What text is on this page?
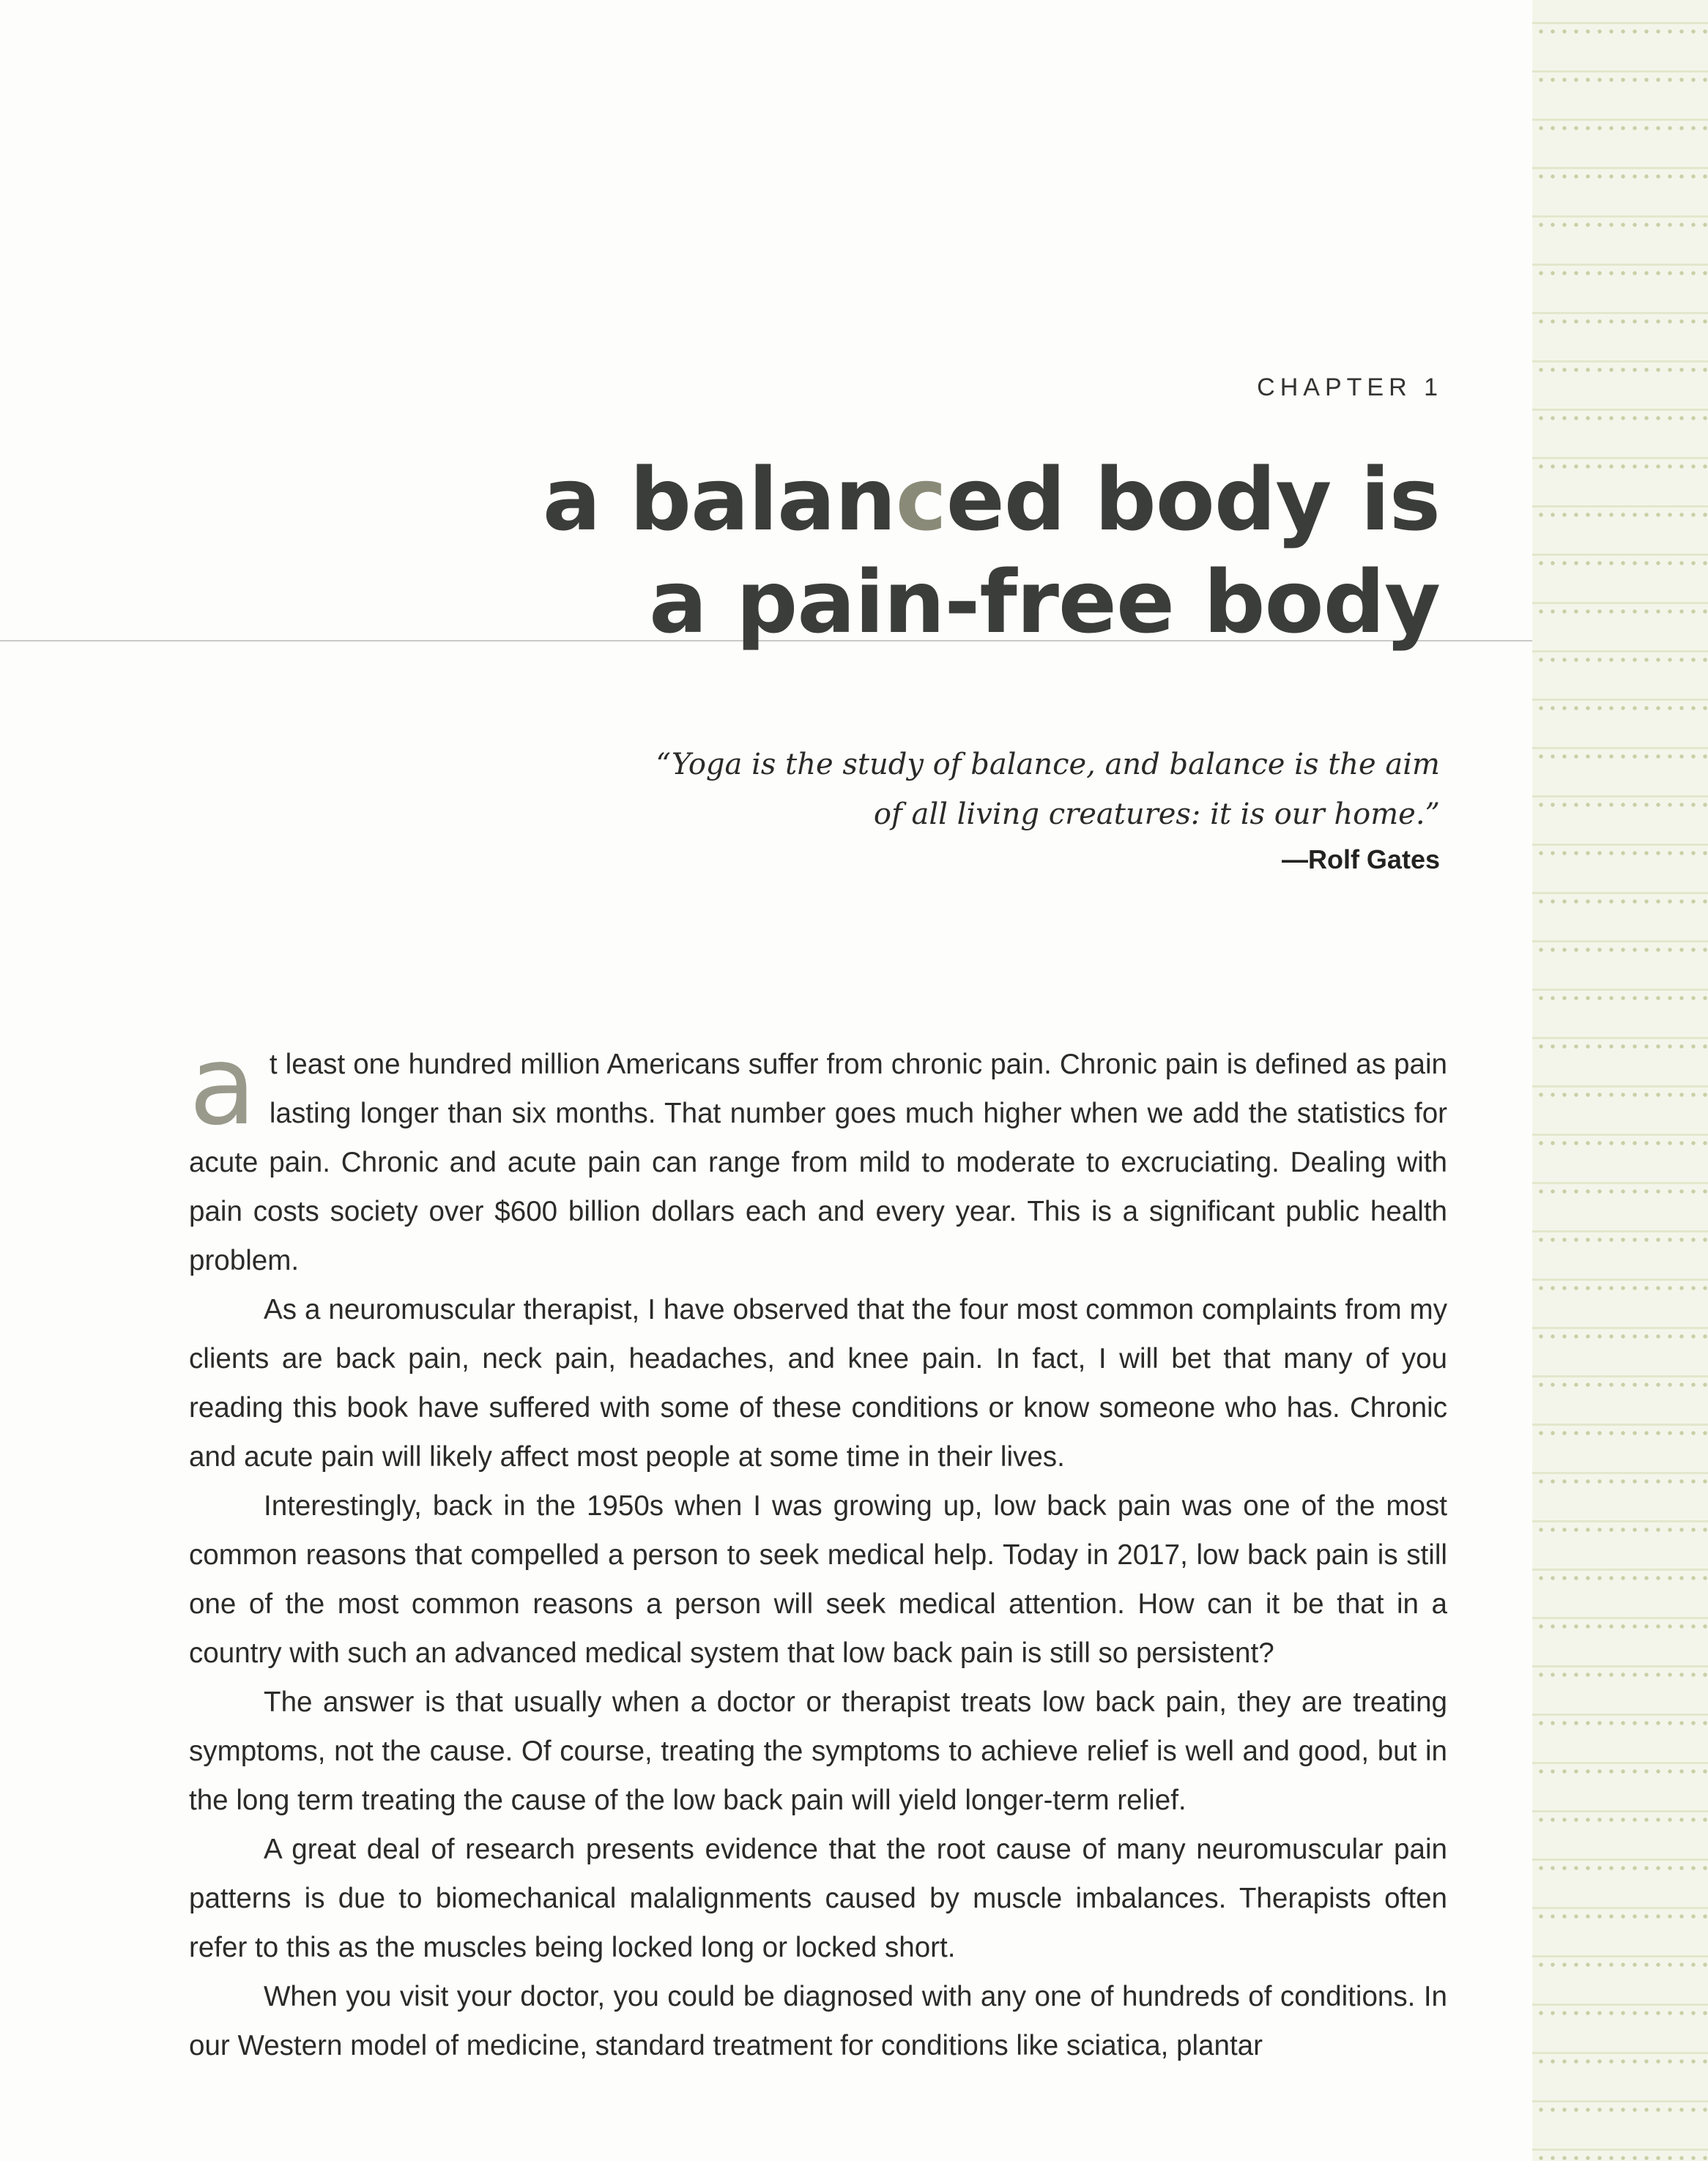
CHAPTER 1

a balanced body is
a pain-free body

“Yoga is the study of balance, and balance is the aim

of all living creatures: it is our home.”

—Rolf Gates

at least one hundred million Americans suffer from chronic pain. Chronic pain is defined as pain lasting longer than six months. That number goes much higher when we add the statistics for acute pain. Chronic and acute pain can range from mild to moderate to excruciating. Dealing with pain costs society over $600 billion dollars each and every year. This is a significant public health problem.

As a neuromuscular therapist, I have observed that the four most common complaints from my clients are back pain, neck pain, headaches, and knee pain. In fact, I will bet that many of you reading this book have suffered with some of these conditions or know someone who has. Chronic and acute pain will likely affect most people at some time in their lives.

Interestingly, back in the 1950s when I was growing up, low back pain was one of the most common reasons that compelled a person to seek medical help. Today in 2017, low back pain is still one of the most common reasons a person will seek medical attention. How can it be that in a country with such an advanced medical system that low back pain is still so persistent?

The answer is that usually when a doctor or therapist treats low back pain, they are treating symptoms, not the cause. Of course, treating the symptoms to achieve relief is well and good, but in the long term treating the cause of the low back pain will yield longer-term relief.

A great deal of research presents evidence that the root cause of many neuromuscular pain patterns is due to biomechanical malalignments caused by muscle imbalances. Therapists often refer to this as the muscles being locked long or locked short.

When you visit your doctor, you could be diagnosed with any one of hundreds of conditions. In our Western model of medicine, standard treatment for conditions like sciatica, plantar
